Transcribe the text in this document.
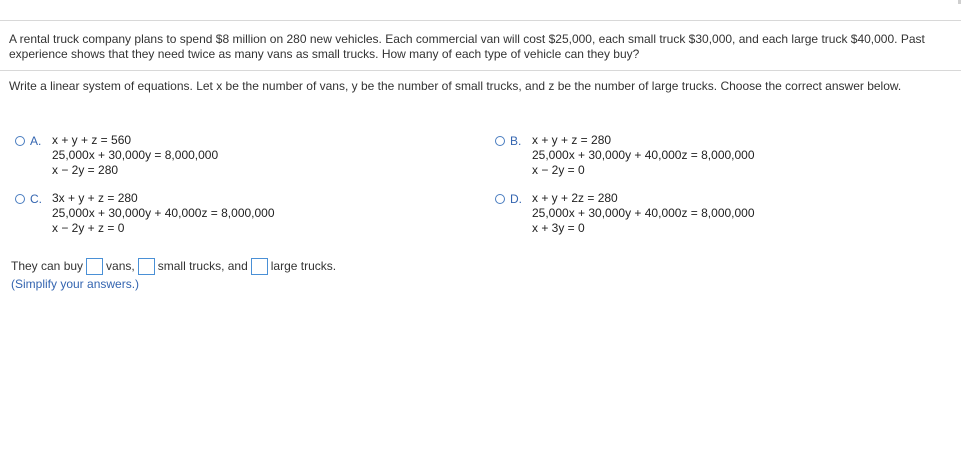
A rental truck company plans to spend $8 million on 280 new vehicles. Each commercial van will cost $25,000, each small truck $30,000, and each large truck $40,000. Past experience shows that they need twice as many vans as small trucks. How many of each type of vehicle can they buy?
Write a linear system of equations. Let x be the number of vans, y be the number of small trucks, and z be the number of large trucks. Choose the correct answer below.
A. x + y + z = 560
25,000x + 30,000y = 8,000,000
x − 2y = 280
B. x + y + z = 280
25,000x + 30,000y + 40,000z = 8,000,000
x − 2y = 0
C. 3x + y + z = 280
25,000x + 30,000y + 40,000z = 8,000,000
x − 2y + z = 0
D. x + y + 2z = 280
25,000x + 30,000y + 40,000z = 8,000,000
x + 3y = 0
They can buy vans, small trucks, and large trucks.
(Simplify your answers.)
